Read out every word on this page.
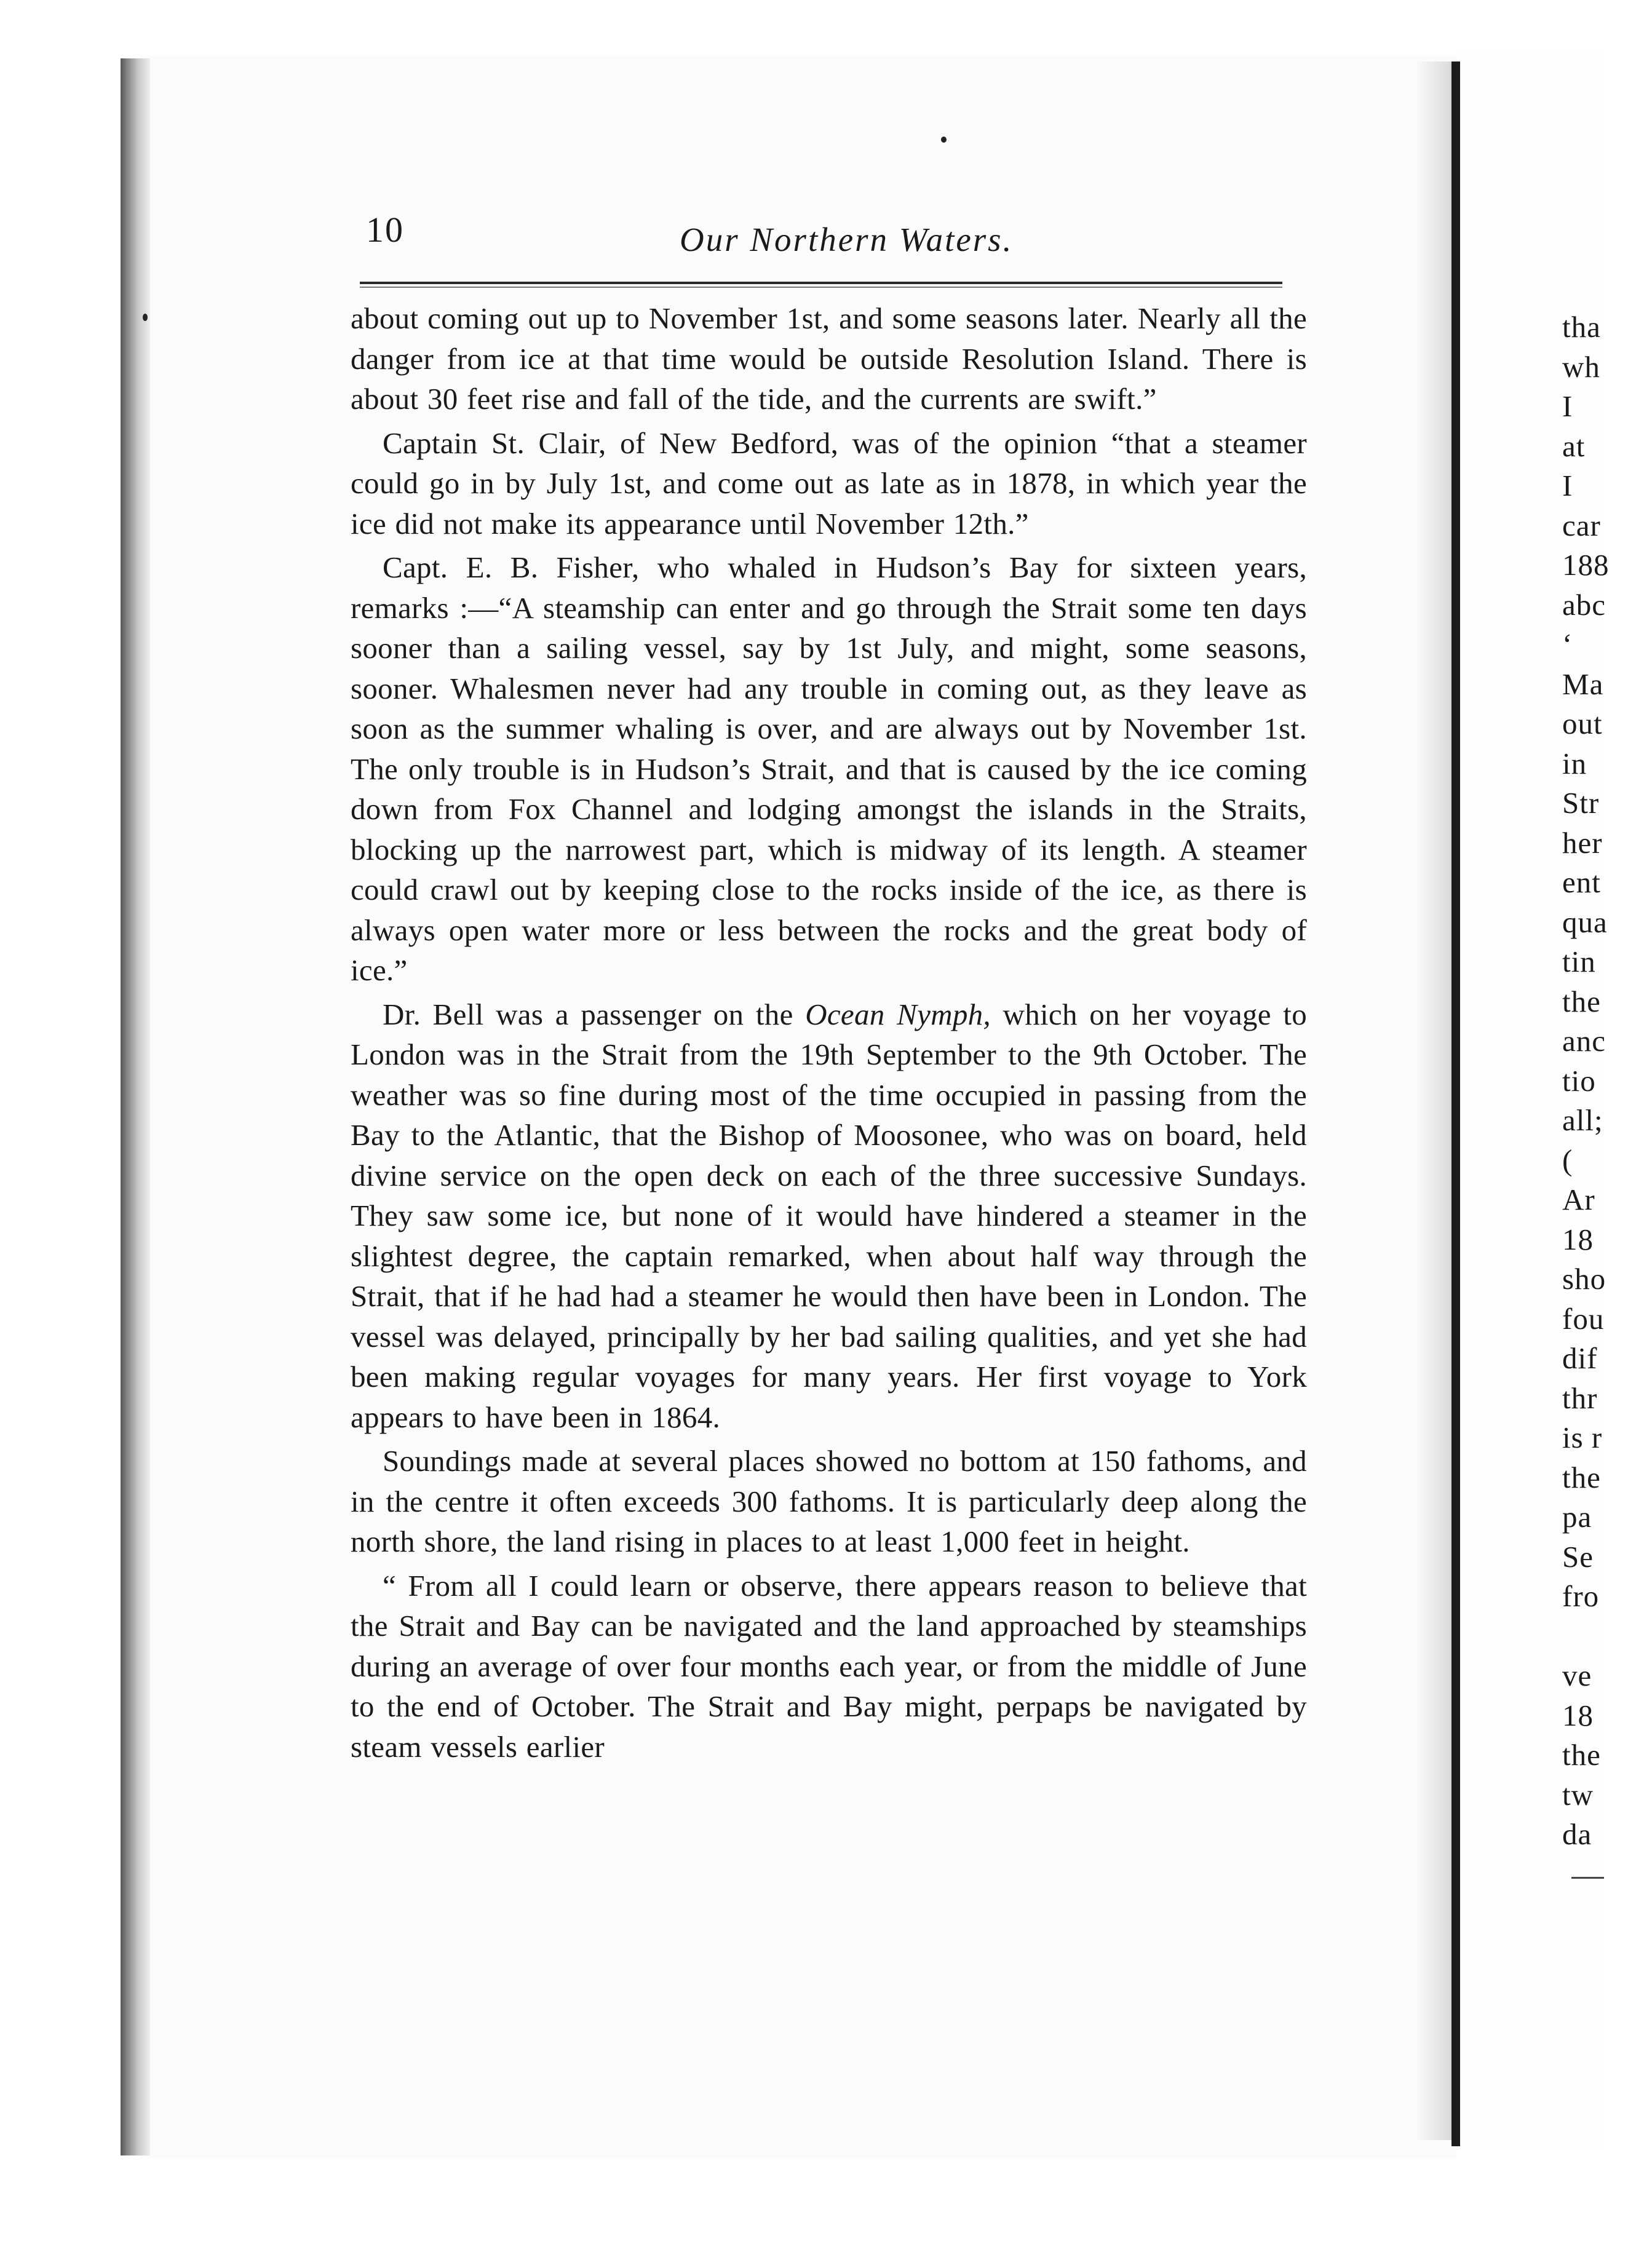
10	Our Northern Waters.

about coming out up to November 1st, and some seasons later. Nearly all the danger from ice at that time would be outside Resolution Island. There is about 30 feet rise and fall of the tide, and the currents are swift.”

Captain St. Clair, of New Bedford, was of the opinion “that a steamer could go in by July 1st, and come out as late as in 1878, in which year the ice did not make its appearance until November 12th.”

Capt. E. B. Fisher, who whaled in Hudson’s Bay for sixteen years, remarks :—“A steamship can enter and go through the Strait some ten days sooner than a sailing vessel, say by 1st July, and might, some seasons, sooner. Whalesmen never had any trouble in coming out, as they leave as soon as the summer whaling is over, and are always out by November 1st. The only trouble is in Hudson’s Strait, and that is caused by the ice coming down from Fox Channel and lodging amongst the islands in the Straits, blocking up the narrowest part, which is midway of its length. A steamer could crawl out by keeping close to the rocks inside of the ice, as there is always open water more or less between the rocks and the great body of ice.”

Dr. Bell was a passenger on the Ocean Nymph, which on her voyage to London was in the Strait from the 19th September to the 9th October. The weather was so fine during most of the time occupied in passing from the Bay to the Atlantic, that the Bishop of Moosonee, who was on board, held divine service on the open deck on each of the three successive Sundays. They saw some ice, but none of it would have hindered a steamer in the slightest degree, the captain remarked, when about half way through the Strait, that if he had had a steamer he would then have been in London. The vessel was delayed, principally by her bad sailing qualities, and yet she had been making regular voyages for many years. Her first voyage to York appears to have been in 1864.

Soundings made at several places showed no bottom at 150 fathoms, and in the centre it often exceeds 300 fathoms. It is particularly deep along the north shore, the land rising in places to at least 1,000 feet in height.

“ From all I could learn or observe, there appears reason to believe that the Strait and Bay can be navigated and the land approached by steamships during an average of over four months each year, or from the middle of June to the end of October. The Strait and Bay might, perpaps be navigated by steam vessels earlier

tha
wh
I
at
I
car
188
abc
‘
Ma
out
in
Str
her
ent
qua
tin
the
anc
tio
all;
(
Ar
18
sho
fou
dif
thr
is r
the
pa
Se
fro
ve
18
the
tw
da
